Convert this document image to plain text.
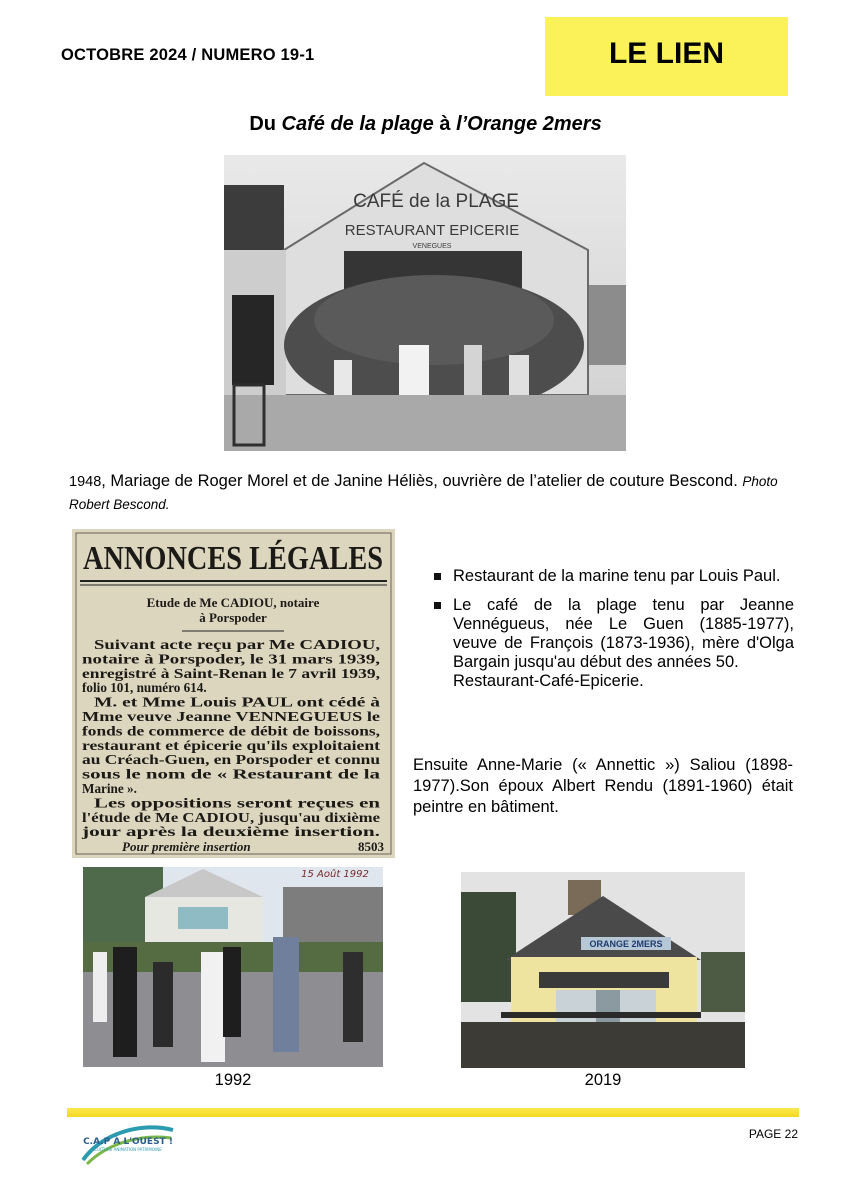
OCTOBRE 2024 / NUMERO 19-1	LE LIEN
Du Café de la plage à l’Orange 2mers
CAFÉ de la PLAGE
RESTAURANT EPICERIE
VENEGUES
1948, Mariage de Roger Morel et de Janine Héliès, ouvrière de l’atelier de couture Bescond. Photo Robert Bescond.
ANNONCES LÉGALES
Etude de Me CADIOU, notaire
à Porspoder
Suivant acte reçu par Me CADIOU,
notaire à Porspoder, le 31 mars 1939,
enregistré à Saint-Renan le 7 avril 1939,
folio 101, numéro 614.
M. et Mme Louis PAUL ont cédé à
Mme veuve Jeanne VENNEGUEUS le
fonds de commerce de débit de boissons,
restaurant et épicerie qu'ils exploitaient
au Créach-Guen, en Porspoder et connu
sous le nom de « Restaurant de la
Marine ».
Les oppositions seront reçues en
l'étude de Me CADIOU, jusqu'au dixième
jour après la deuxième insertion.
Pour première insertion	8503
Restaurant de la marine tenu par Louis Paul.
Le café de la plage tenu par Jeanne Vennégueus, née Le Guen (1885-1977), veuve de François (1873-1936), mère d'Olga Bargain jusqu'au début des années 50.
Restaurant-Café-Epicerie.
Ensuite Anne-Marie (« Annettic ») Saliou (1898-1977).Son époux Albert Rendu (1891-1960) était peintre en bâtiment.
15 Août 1992
1992
ORANGE 2MERS
2019
C.A.P À L'OUEST !
CULTURE ANIMATION PATRIMOINE
PAGE 22
